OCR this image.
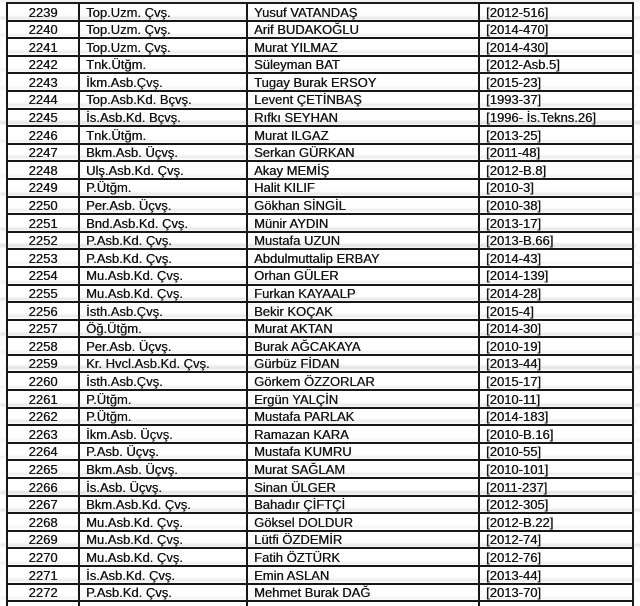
2239	Top.Uzm. Çvş.	Yusuf VATANDAŞ	[2012-516]
2240	Top.Uzm. Çvş.	Arif BUDAKOĞLU	[2014-470]
2241	Top.Uzm. Çvş.	Murat YILMAZ	[2014-430]
2242	Tnk.Ütğm.	Süleyman BAT	[2012-Asb.5]
2243	İkm.Asb.Çvş.	Tugay Burak ERSOY	[2015-23]
2244	Top.Asb.Kd. Bçvş.	Levent ÇETİNBAŞ	[1993-37]
2245	İs.Asb.Kd. Bçvş.	Rıfkı SEYHAN	[1996- İs.Tekns.26]
2246	Tnk.Ütğm.	Murat ILGAZ	[2013-25]
2247	Bkm.Asb. Üçvş.	Serkan GÜRKAN	[2011-48]
2248	Ulş.Asb.Kd. Çvş.	Akay MEMİŞ	[2012-B.8]
2249	P.Ütğm.	Halit KILIF	[2010-3]
2250	Per.Asb. Üçvş.	Gökhan SİNGİL	[2010-38]
2251	Bnd.Asb.Kd. Çvş.	Münir AYDIN	[2013-17]
2252	P.Asb.Kd. Çvş.	Mustafa UZUN	[2013-B.66]
2253	P.Asb.Kd. Çvş.	Abdulmuttalip ERBAY	[2014-43]
2254	Mu.Asb.Kd. Çvş.	Orhan GÜLER	[2014-139]
2255	Mu.Asb.Kd. Çvş.	Furkan KAYAALP	[2014-28]
2256	İsth.Asb.Çvş.	Bekir KOÇAK	[2015-4]
2257	Öğ.Ütğm.	Murat AKTAN	[2014-30]
2258	Per.Asb. Üçvş.	Burak AĞCAKAYA	[2010-19]
2259	Kr. Hvcl.Asb.Kd. Çvş.	Gürbüz FİDAN	[2013-44]
2260	İsth.Asb.Çvş.	Görkem ÖZZORLAR	[2015-17]
2261	P.Ütğm.	Ergün YALÇİN	[2010-11]
2262	P.Ütğm.	Mustafa PARLAK	[2014-183]
2263	İkm.Asb. Üçvş.	Ramazan KARA	[2010-B.16]
2264	P.Asb. Üçvş.	Mustafa KUMRU	[2010-55]
2265	Bkm.Asb. Üçvş.	Murat SAĞLAM	[2010-101]
2266	İs.Asb. Üçvş.	Sinan ÜLGER	[2011-237]
2267	Bkm.Asb.Kd. Çvş.	Bahadır ÇİFTÇİ	[2012-305]
2268	Mu.Asb.Kd. Çvş.	Göksel DOLDUR	[2012-B.22]
2269	Mu.Asb.Kd. Çvş.	Lütfi ÖZDEMİR	[2012-74]
2270	Mu.Asb.Kd. Çvş.	Fatih ÖZTÜRK	[2012-76]
2271	İs.Asb.Kd. Çvş.	Emin ASLAN	[2013-44]
2272	P.Asb.Kd. Çvş.	Mehmet Burak DAĞ	[2013-70]
